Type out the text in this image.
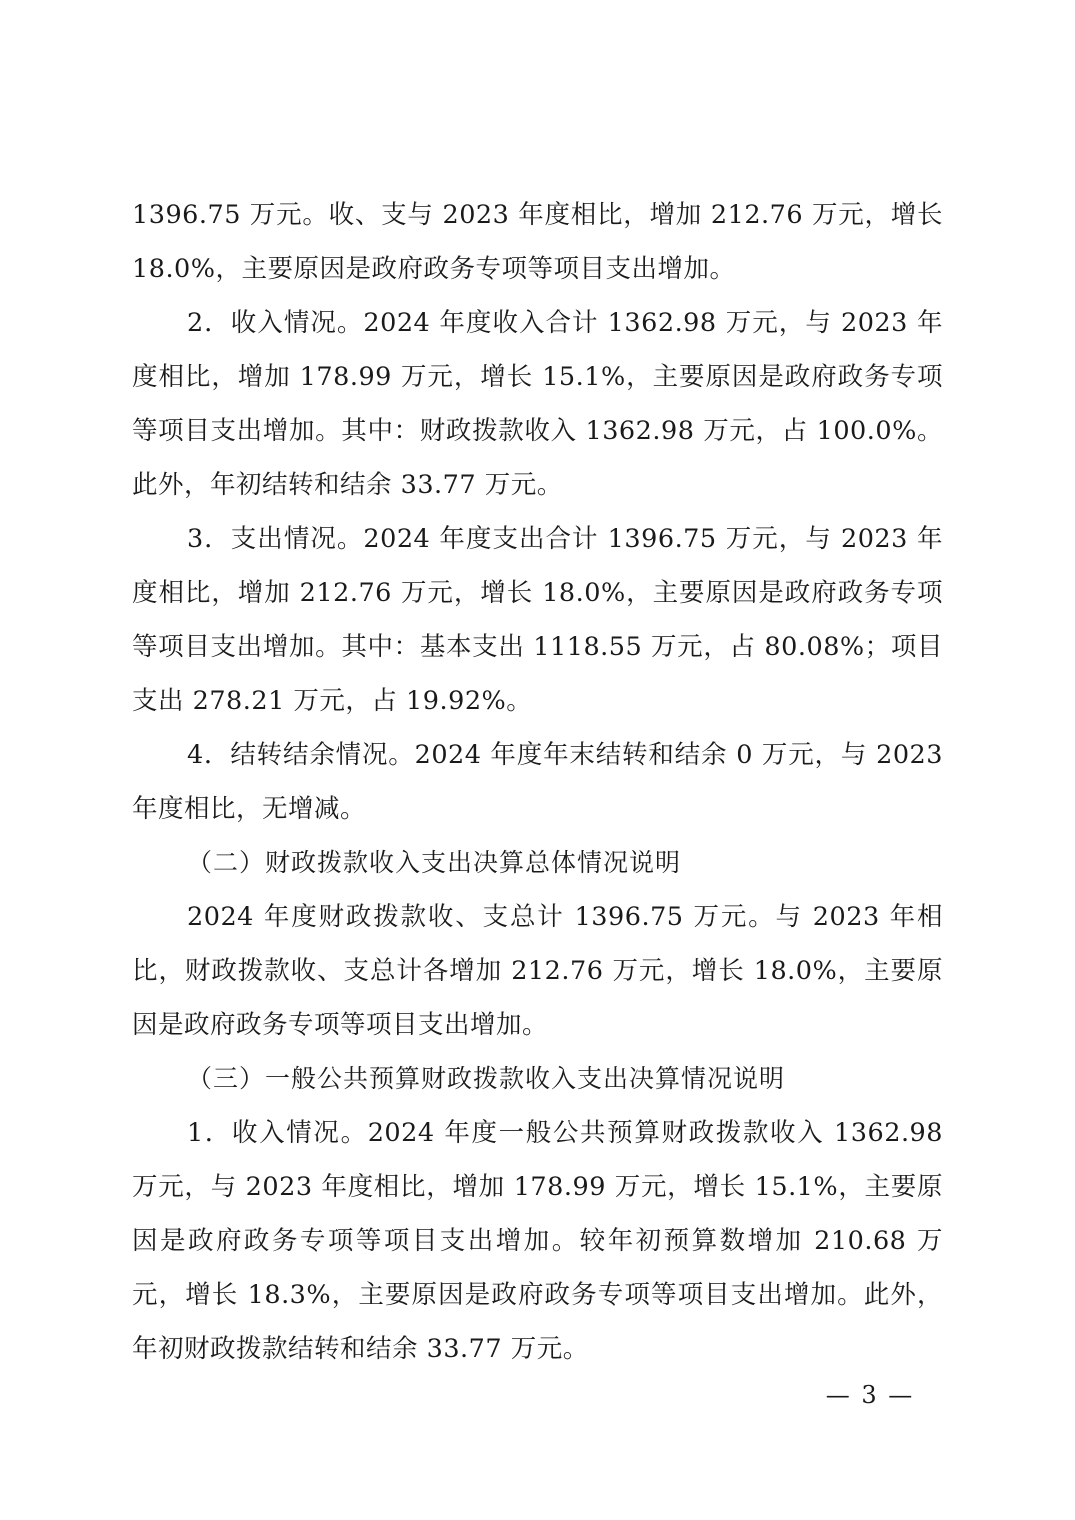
1396.75 万元。收、支与 2023 年度相比，增加 212.76 万元，增长 18.0%，主要原因是政府政务专项等项目支出增加。

2．收入情况。2024 年度收入合计 1362.98 万元，与 2023 年度相比，增加 178.99 万元，增长 15.1%，主要原因是政府政务专项等项目支出增加。其中：财政拨款收入 1362.98 万元，占 100.0%。此外，年初结转和结余 33.77 万元。

3．支出情况。2024 年度支出合计 1396.75 万元，与 2023 年度相比，增加 212.76 万元，增长 18.0%，主要原因是政府政务专项等项目支出增加。其中：基本支出 1118.55 万元，占 80.08%；项目支出 278.21 万元，占 19.92%。

4．结转结余情况。2024 年度年末结转和结余 0 万元，与 2023 年度相比，无增减。

（二）财政拨款收入支出决算总体情况说明

2024 年度财政拨款收、支总计 1396.75 万元。与 2023 年相比，财政拨款收、支总计各增加 212.76 万元，增长 18.0%，主要原因是政府政务专项等项目支出增加。

（三）一般公共预算财政拨款收入支出决算情况说明

1．收入情况。2024 年度一般公共预算财政拨款收入 1362.98 万元，与 2023 年度相比，增加 178.99 万元，增长 15.1%，主要原因是政府政务专项等项目支出增加。较年初预算数增加 210.68 万元，增长 18.3%，主要原因是政府政务专项等项目支出增加。此外，年初财政拨款结转和结余 33.77 万元。

— 3 —
